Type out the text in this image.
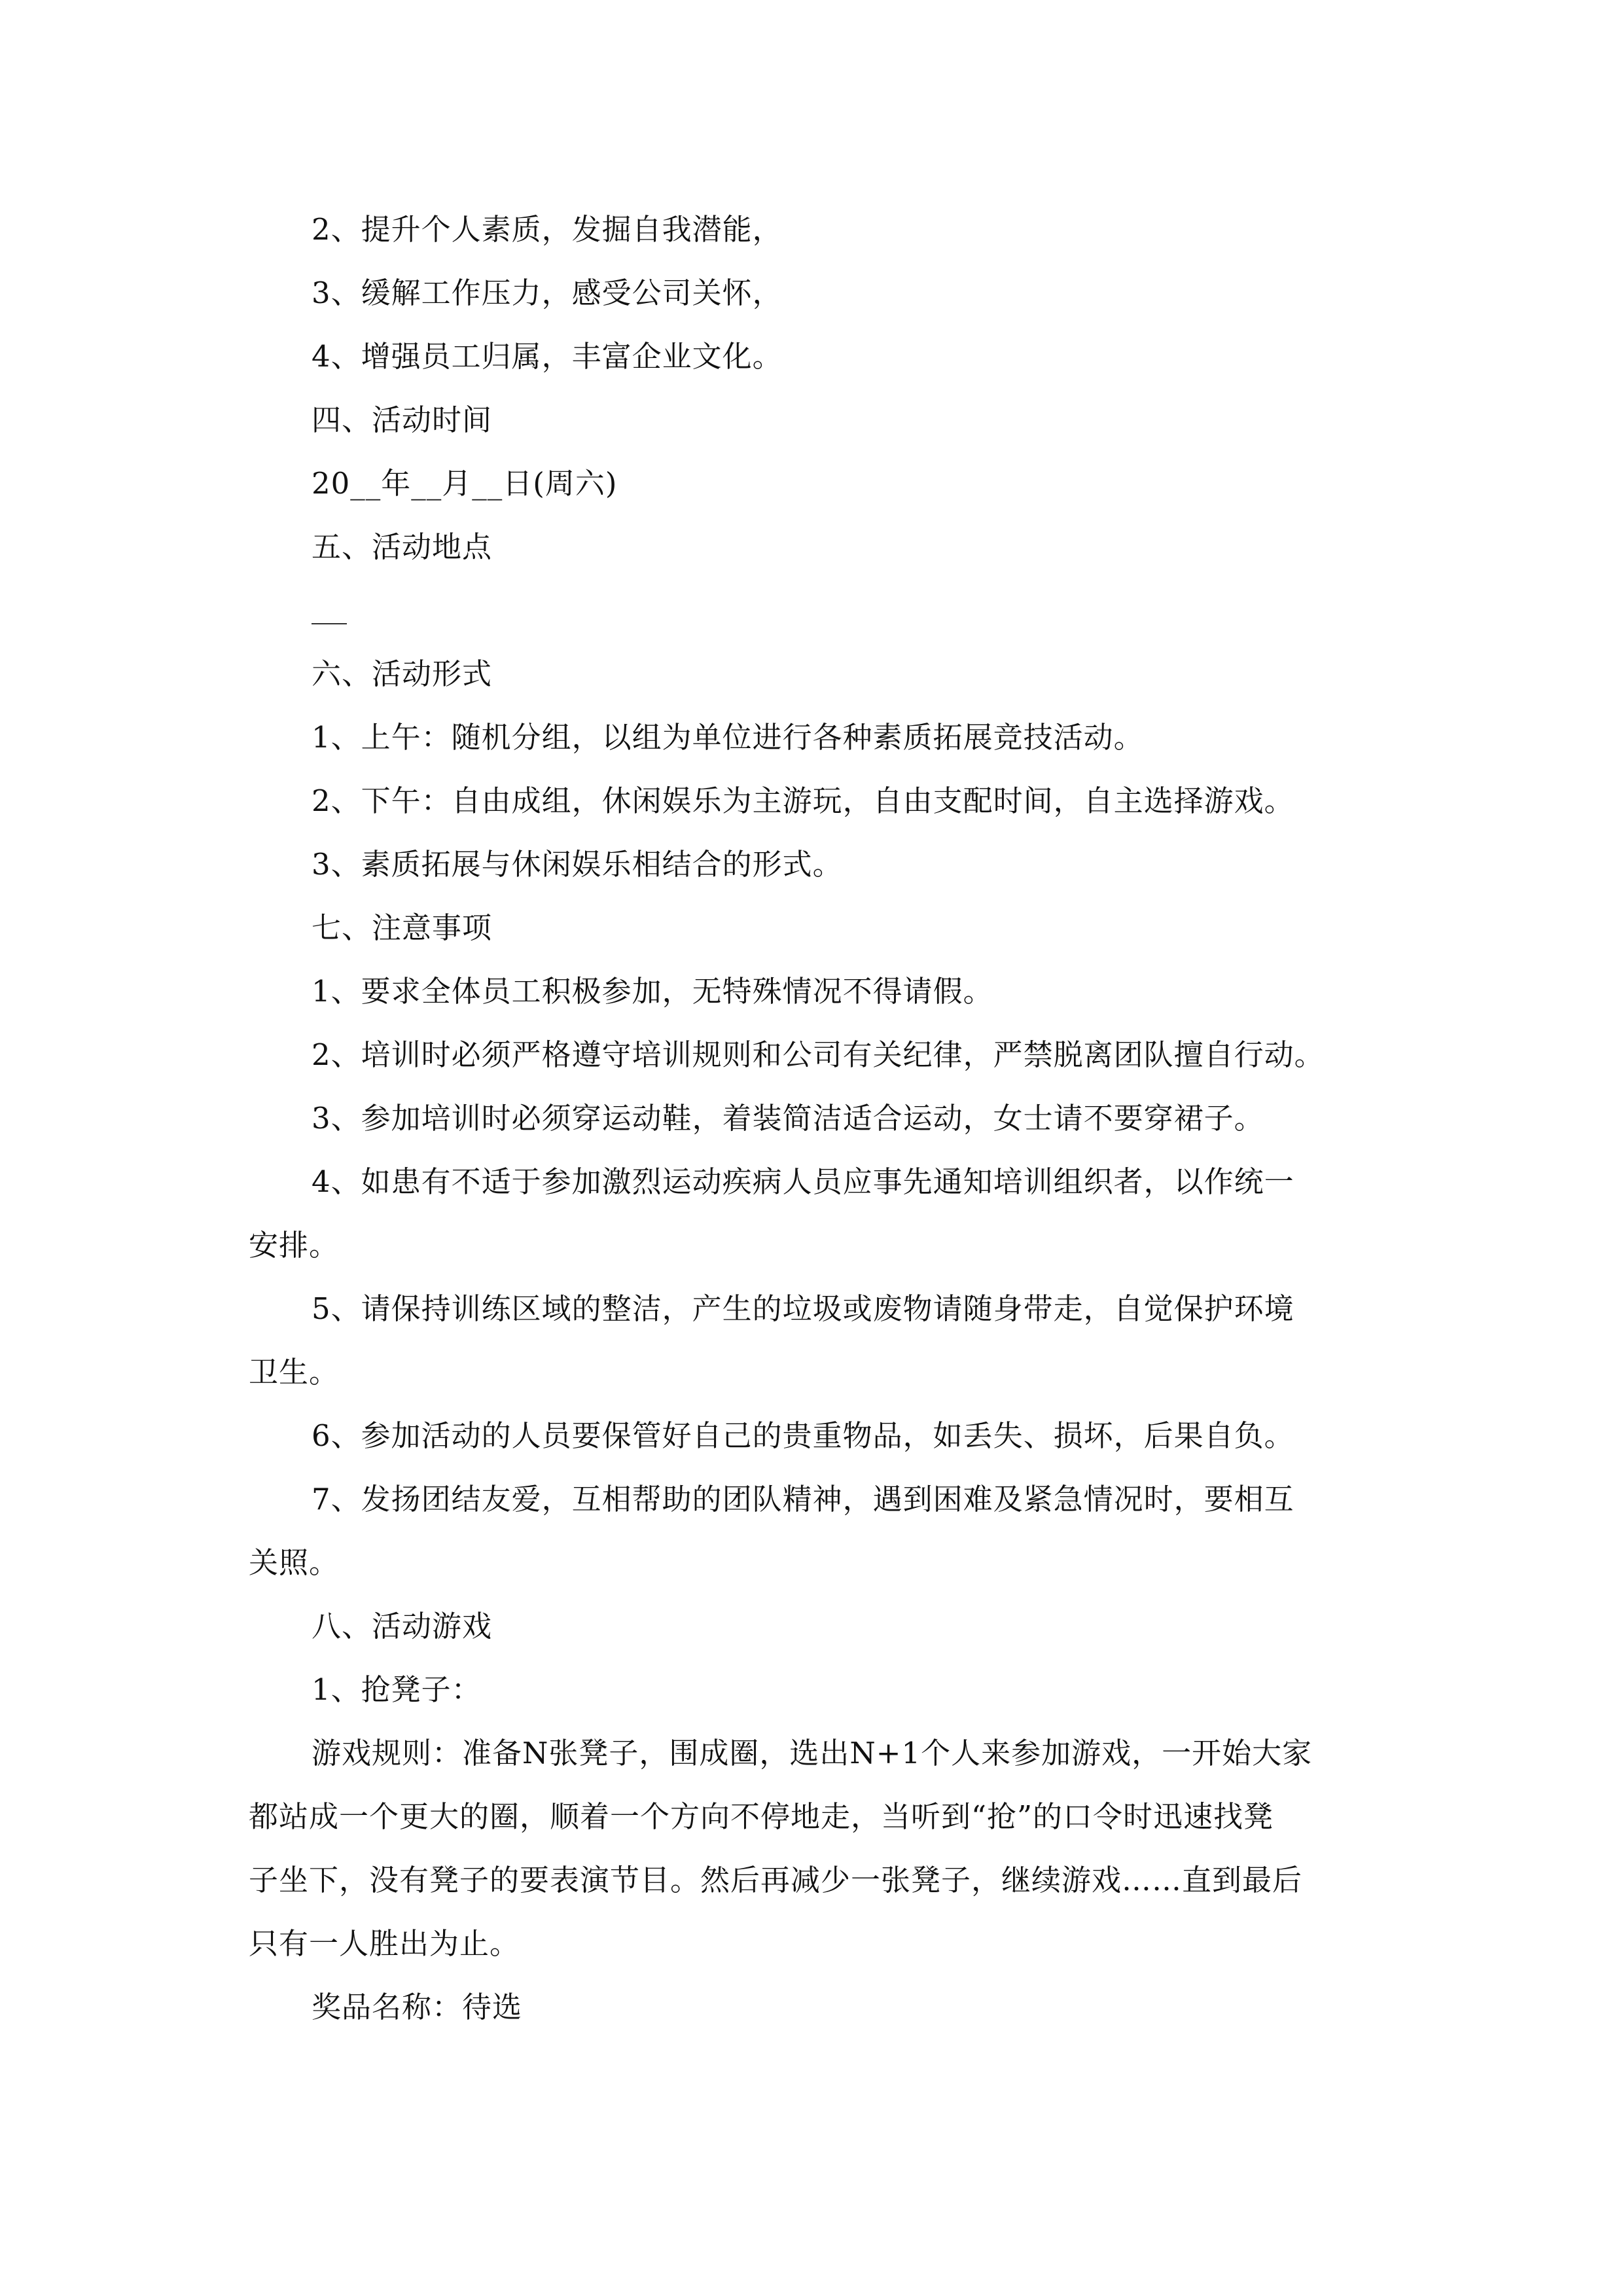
2、提升个人素质，发掘自我潜能，
3、缓解工作压力，感受公司关怀，
4、增强员工归属，丰富企业文化。
四、活动时间
20__年__月__日(周六)
五、活动地点
六、活动形式
1、上午：随机分组，以组为单位进行各种素质拓展竞技活动。
2、下午：自由成组，休闲娱乐为主游玩，自由支配时间，自主选择游戏。
3、素质拓展与休闲娱乐相结合的形式。
七、注意事项
1、要求全体员工积极参加，无特殊情况不得请假。
2、培训时必须严格遵守培训规则和公司有关纪律，严禁脱离团队擅自行动。
3、参加培训时必须穿运动鞋，着装简洁适合运动，女士请不要穿裙子。
4、如患有不适于参加激烈运动疾病人员应事先通知培训组织者，以作统一
安排。
5、请保持训练区域的整洁，产生的垃圾或废物请随身带走，自觉保护环境
卫生。
6、参加活动的人员要保管好自己的贵重物品，如丢失、损坏，后果自负。
7、发扬团结友爱，互相帮助的团队精神，遇到困难及紧急情况时，要相互
关照。
八、活动游戏
1、抢凳子：
游戏规则：准备N张凳子，围成圈，选出N+1个人来参加游戏，一开始大家
都站成一个更大的圈，顺着一个方向不停地走，当听到“抢”的口令时迅速找凳
子坐下，没有凳子的要表演节目。然后再减少一张凳子，继续游戏……直到最后
只有一人胜出为止。
奖品名称：待选
